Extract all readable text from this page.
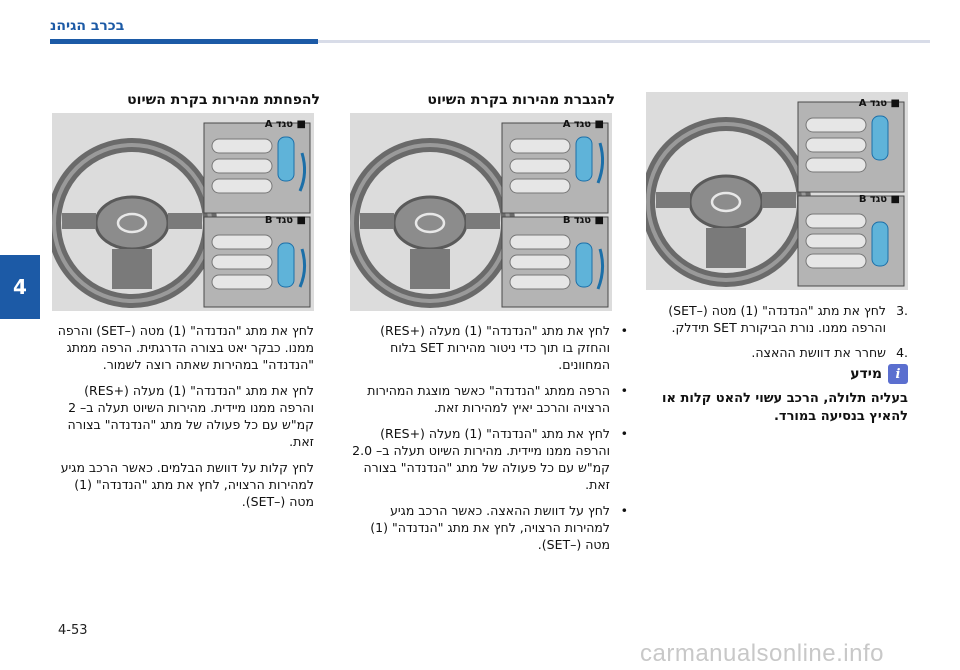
בכרב הגיהנ
4
להפחתת מהירות בקרת השיוט
■ טגד A
■ טגד B
לחץ את מתג "הנדנדה" (1) מטה (–SET) והרפה ממנו. כבקר יאט בצורה הדרגתית. הרפה ממתג "הנדנדה" במהירות שאתה רוצה לשמור.
לחץ את מתג "הנדנדה" (1) מעלה (+RES) והרפה ממנו מיידית. מהירות השיוט תעלה ב– 2 קמ"ש עם כל פעולה של מתג "הנדנדה" בצורה זאת.
לחץ קלות על דוושת הבלמים. כאשר הרכב מגיע למהירות הרצויה, לחץ את מתג "הנדנדה" (1) מטה (–SET).
להגברת מהירות בקרת השיוט
■ טגד A
■ טגד B
• לחץ את מתג "הנדנדה" (1) מעלה (+RES) והחזק בו תוך כדי ניטור מהירות SET בלוח המחוונים.
• הרפה ממתג "הנדנדה" כאשר מוצגת המהירות הרצויה והרכב יאיץ למהירות זאת.
• לחץ את מתג "הנדנדה" (1) מעלה (+RES) והרפה ממנו מיידית. מהירות השיוט תעלה ב– 2.0 קמ"ש עם כל פעולה של מתג "הנדנדה" בצורה זאת.
• לחץ על דוושת ההאצה. כאשר הרכב מגיע למהירות הרצויה, לחץ את מתג "הנדנדה" (1) מטה (–SET).
■ טגד A
■ טגד B
.3
לחץ את מתג "הנדנדה" (1) מטה (–SET) והרפה ממנו. נורת הביקורת SET תידלק.
.4
שחרר את דוושת ההאצה.
i
מידע
בעליה תלולה, הרכב עשוי להאט קלות או להאיץ בנסיעה במורד.
4-53
carmanualsonline.info
